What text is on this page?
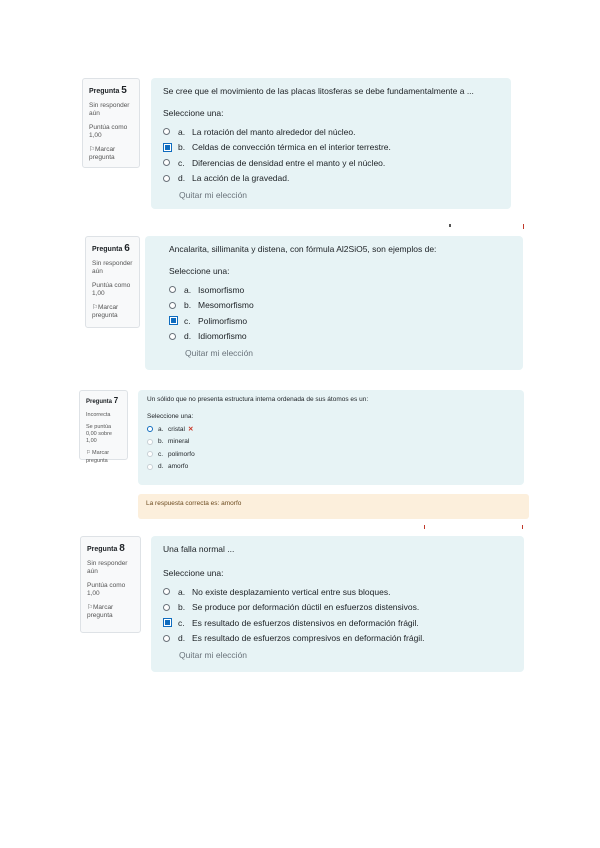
Pregunta 5
Sin responder aún
Puntúa como 1,00
⚐Marcar pregunta
Se cree que el movimiento de las placas litosferas se debe fundamentalmente a ...
Seleccione una:
a. La rotación del manto alrededor del núcleo.
b. Celdas de convección térmica en el interior terrestre.
c. Diferencias de densidad entre el manto y el núcleo.
d. La acción de la gravedad.
Quitar mi elección
Pregunta 6
Sin responder aún
Puntúa como 1,00
⚐Marcar pregunta
Ancalarita, sillimanita y distena, con fórmula Al2SiO5, son ejemplos de:
Seleccione una:
a. Isomorfismo
b. Mesomorfismo
c. Polimorfismo
d. Idiomorfismo
Quitar mi elección
Pregunta 7
Incorrecta
Se puntúa 0,00 sobre 1,00
⚐Marcar pregunta
Un sólido que no presenta estructura interna ordenada de sus átomos es un:
Seleccione una:
a. cristal ✕
b. mineral
c. polimorfo
d. amorfo
La respuesta correcta es: amorfo
Pregunta 8
Sin responder aún
Puntúa como 1,00
⚐Marcar pregunta
Una falla normal ...
Seleccione una:
a. No existe desplazamiento vertical entre sus bloques.
b. Se produce por deformación dúctil en esfuerzos distensivos.
c. Es resultado de esfuerzos distensivos en deformación frágil.
d. Es resultado de esfuerzos compresivos en deformación frágil.
Quitar mi elección
